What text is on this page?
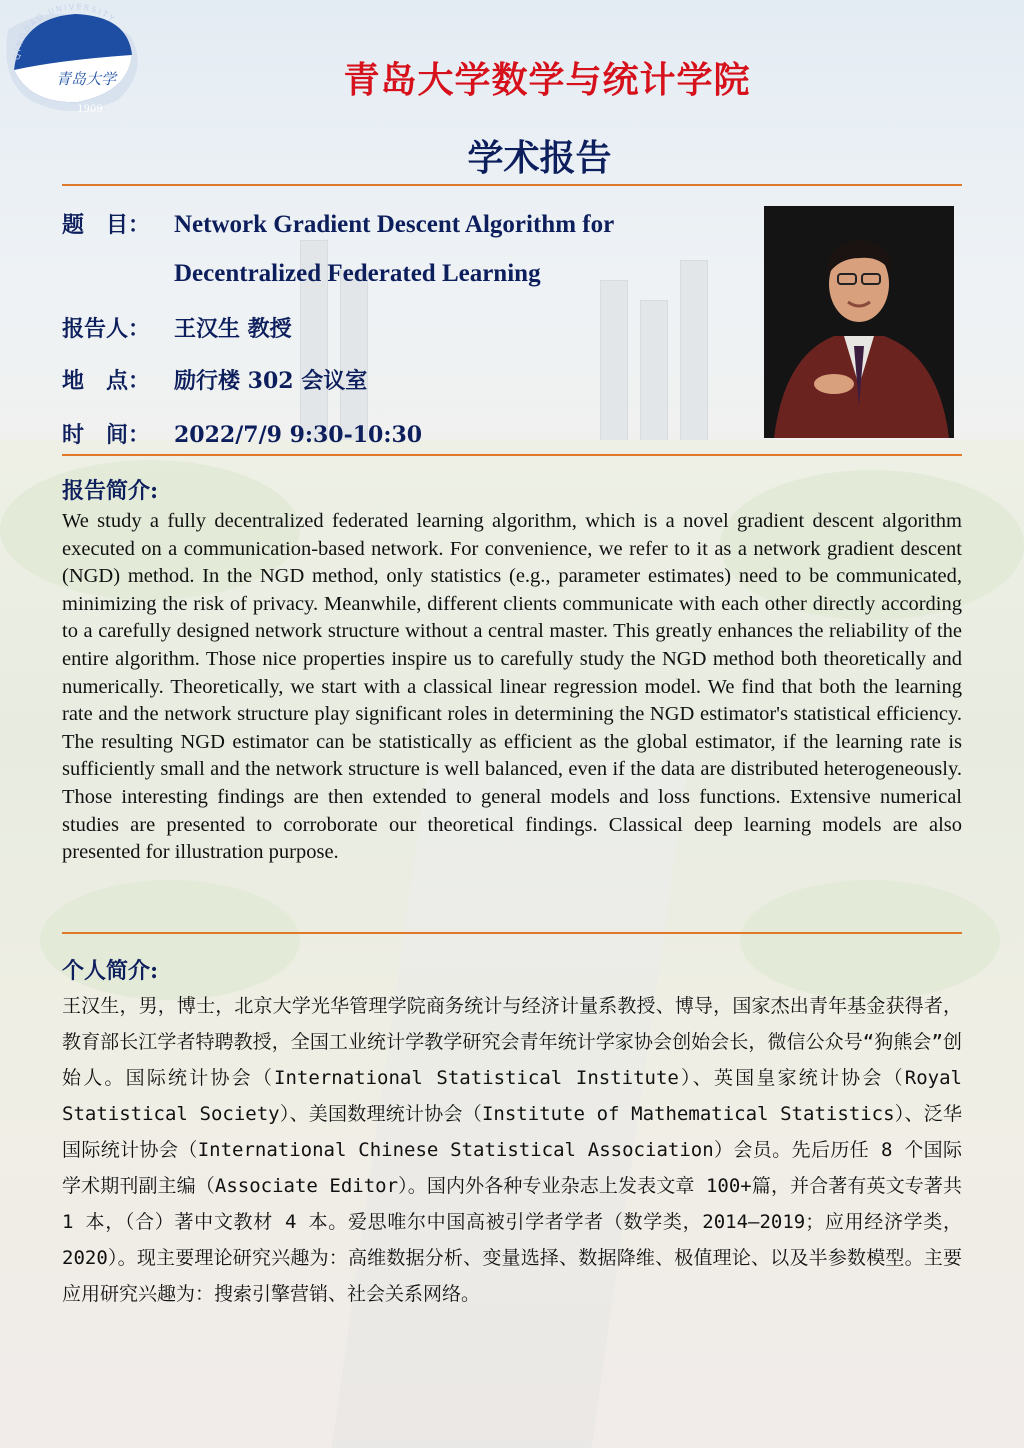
QINGDAO UNIVERSITY
青岛大学
1909
青岛大学数学与统计学院
学术报告
题　目： Network Gradient Descent Algorithm for
Decentralized Federated Learning
报告人： 王汉生 教授
地　点： 励行楼 302 会议室
时　间： 2022/7/9 9:30-10:30
报告简介:
We study a fully decentralized federated learning algorithm, which is a novel gradient descent algorithm executed on a communication-based network. For convenience, we refer to it as a network gradient descent (NGD) method. In the NGD method, only statistics (e.g., parameter estimates) need to be communicated, minimizing the risk of privacy. Meanwhile, different clients communicate with each other directly according to a carefully designed network structure without a central master. This greatly enhances the reliability of the entire algorithm. Those nice properties inspire us to carefully study the NGD method both theoretically and numerically. Theoretically, we start with a classical linear regression model. We find that both the learning rate and the network structure play significant roles in determining the NGD estimator's statistical efficiency. The resulting NGD estimator can be statistically as efficient as the global estimator, if the learning rate is sufficiently small and the network structure is well balanced, even if the data are distributed heterogeneously. Those interesting findings are then extended to general models and loss functions. Extensive numerical studies are presented to corroborate our theoretical findings. Classical deep learning models are also presented for illustration purpose.
个人简介:
王汉生，男，博士，北京大学光华管理学院商务统计与经济计量系教授、博导，国家杰出青年基金获得者，教育部长江学者特聘教授，全国工业统计学教学研究会青年统计学家协会创始会长，微信公众号“狗熊会”创始人。国际统计协会（International Statistical Institute）、英国皇家统计协会（Royal Statistical Society）、美国数理统计协会（Institute of Mathematical Statistics）、泛华国际统计协会（International Chinese Statistical Association）会员。先后历任 8 个国际学术期刊副主编（Associate Editor）。国内外各种专业杂志上发表文章 100+篇，并合著有英文专著共 1 本，（合）著中文教材 4 本。爱思唯尔中国高被引学者学者（数学类，2014—2019；应用经济学类，2020）。现主要理论研究兴趣为：高维数据分析、变量选择、数据降维、极值理论、以及半参数模型。主要应用研究兴趣为：搜索引擎营销、社会关系网络。
